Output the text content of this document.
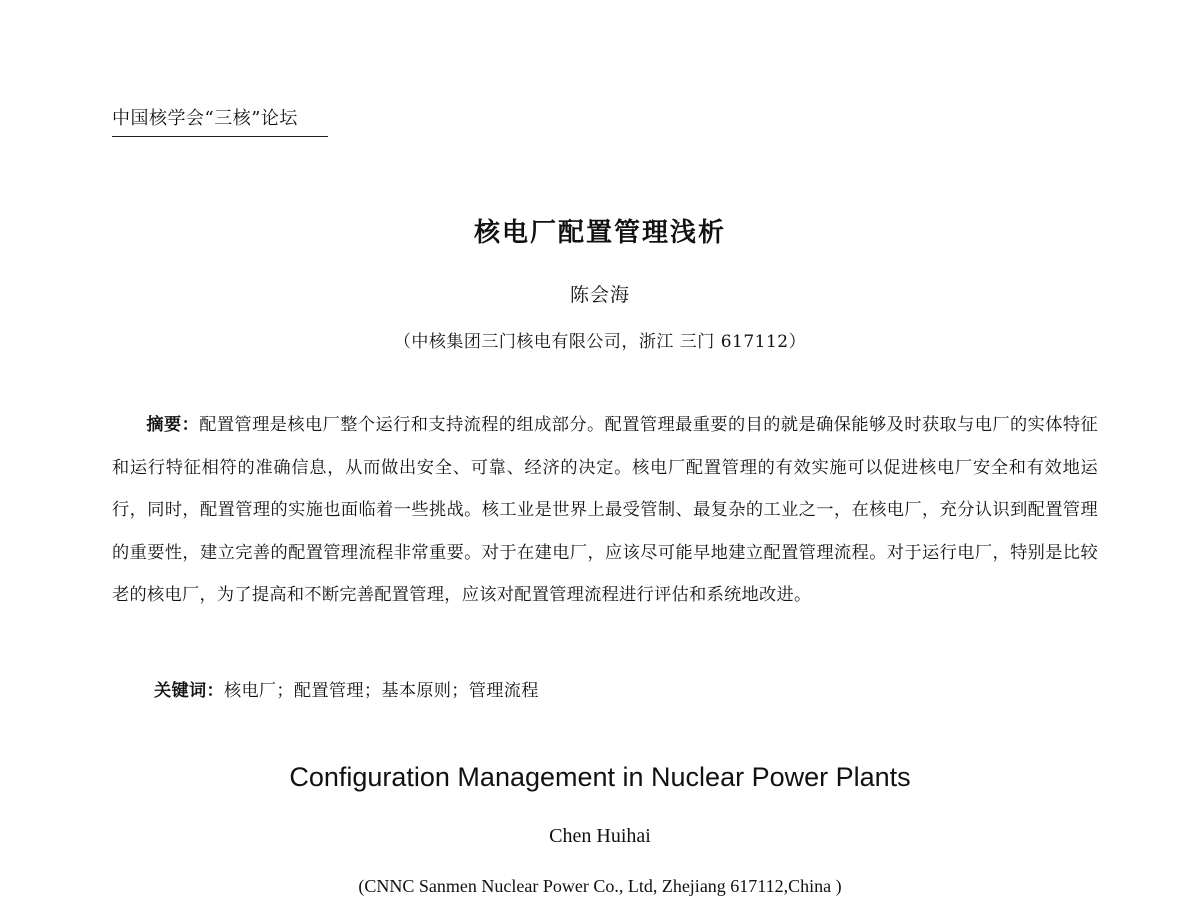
中国核学会“三核”论坛
核电厂配置管理浅析
陈会海
（中核集团三门核电有限公司，浙江 三门 617112）
摘要：配置管理是核电厂整个运行和支持流程的组成部分。配置管理最重要的目的就是确保能够及时获取与电厂的实体特征和运行特征相符的准确信息，从而做出安全、可靠、经济的决定。核电厂配置管理的有效实施可以促进核电厂安全和有效地运行，同时，配置管理的实施也面临着一些挑战。核工业是世界上最受管制、最复杂的工业之一，在核电厂，充分认识到配置管理的重要性，建立完善的配置管理流程非常重要。对于在建电厂，应该尽可能早地建立配置管理流程。对于运行电厂，特别是比较老的核电厂，为了提高和不断完善配置管理，应该对配置管理流程进行评估和系统地改进。
关键词：核电厂；配置管理；基本原则；管理流程
Configuration Management in Nuclear Power Plants
Chen Huihai
(CNNC Sanmen Nuclear Power Co., Ltd, Zhejiang 617112,China )
